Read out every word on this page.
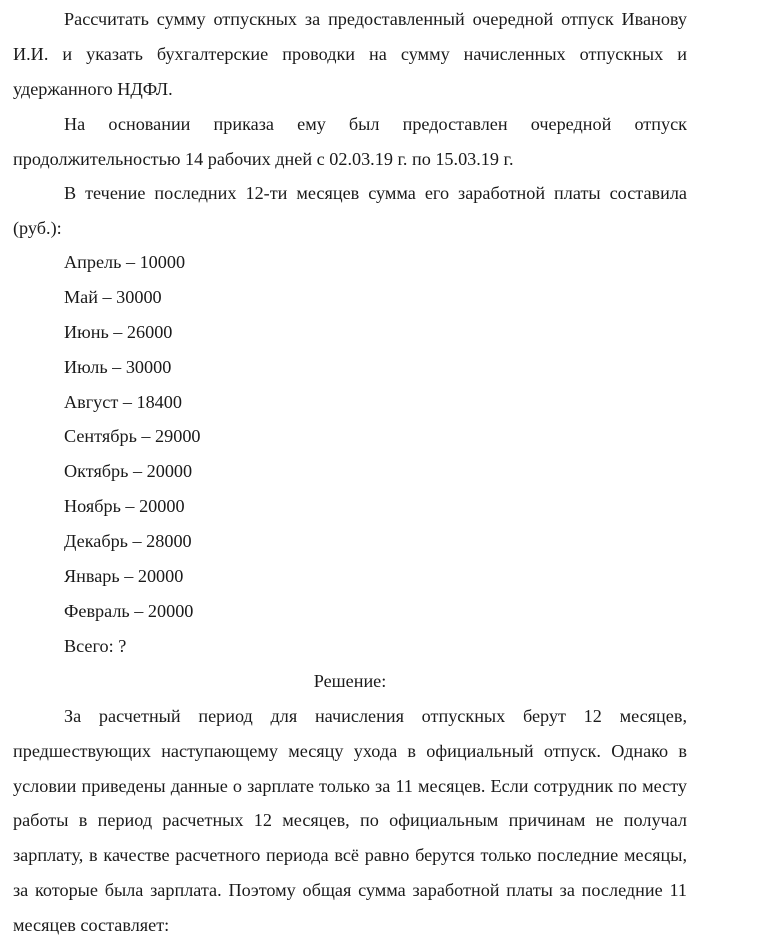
Рассчитать сумму отпускных за предоставленный очередной отпуск Иванову И.И. и указать бухгалтерские проводки на сумму начисленных отпускных и удержанного НДФЛ.

На основании приказа ему был предоставлен очередной отпуск продолжительностью 14 рабочих дней с 02.03.19 г. по 15.03.19 г.

В течение последних 12-ти месяцев сумма его заработной платы составила (руб.):

Апрель – 10000
Май – 30000
Июнь – 26000
Июль – 30000
Август – 18400
Сентябрь – 29000
Октябрь – 20000
Ноябрь – 20000
Декабрь – 28000
Январь – 20000
Февраль – 20000
Всего: ?
Решение:

За расчетный период для начисления отпускных берут 12 месяцев, предшествующих наступающему месяцу ухода в официальный отпуск. Однако в условии приведены данные о зарплате только за 11 месяцев. Если сотрудник по месту работы в период расчетных 12 месяцев, по официальным причинам не получал зарплату, в качестве расчетного периода всё равно берутся только последние месяцы, за которые была зарплата. Поэтому общая сумма заработной платы за последние 11 месяцев составляет:
